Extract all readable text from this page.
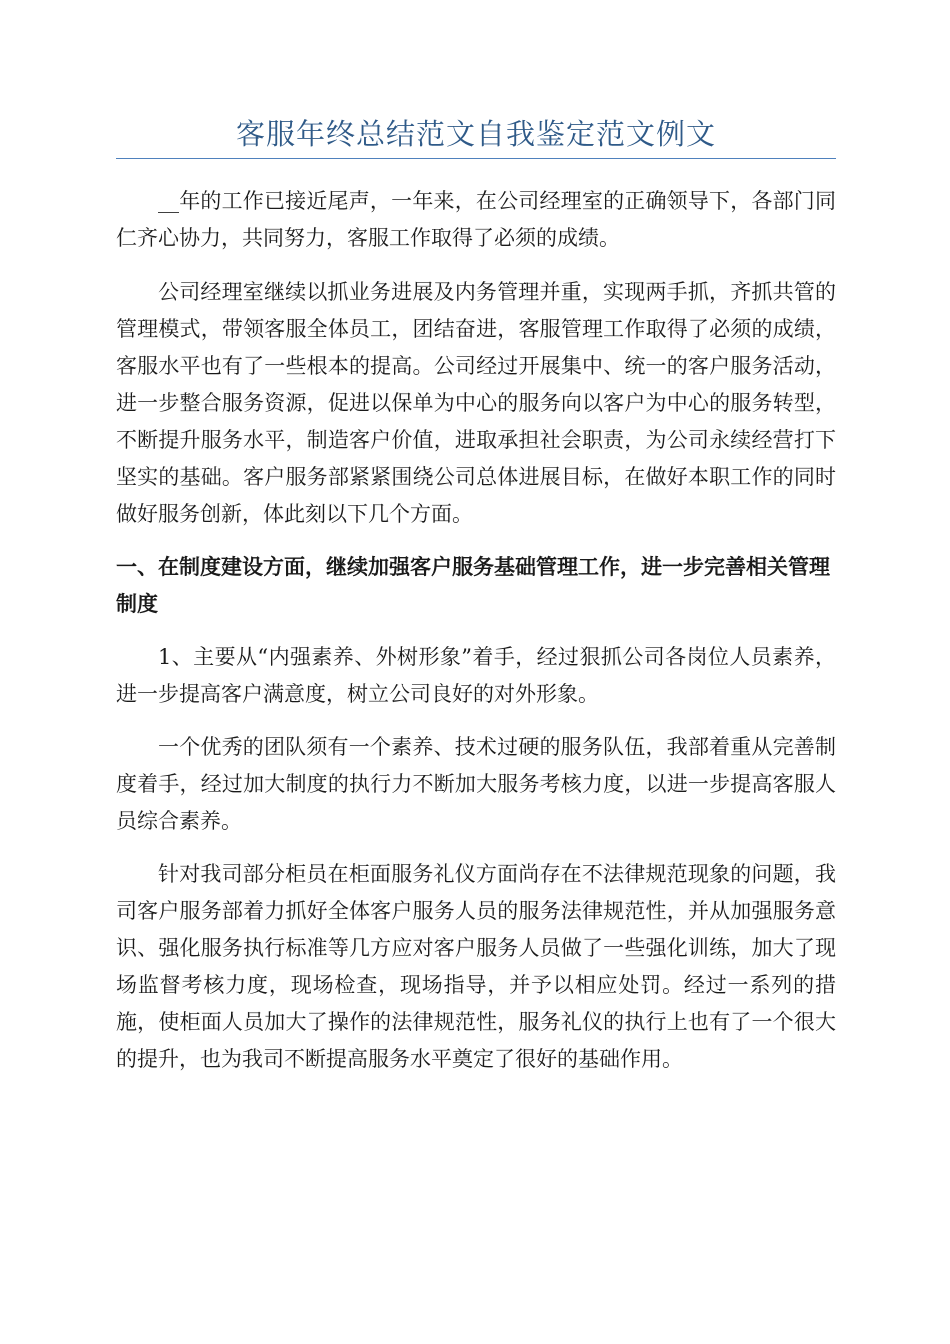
客服年终总结范文自我鉴定范文例文

__年的工作已接近尾声，一年来，在公司经理室的正确领导下，各部门同仁齐心协力，共同努力，客服工作取得了必须的成绩。

公司经理室继续以抓业务进展及内务管理并重，实现两手抓，齐抓共管的管理模式，带领客服全体员工，团结奋进，客服管理工作取得了必须的成绩，客服水平也有了一些根本的提高。公司经过开展集中、统一的客户服务活动，进一步整合服务资源，促进以保单为中心的服务向以客户为中心的服务转型，不断提升服务水平，制造客户价值，进取承担社会职责，为公司永续经营打下坚实的基础。客户服务部紧紧围绕公司总体进展目标，在做好本职工作的同时做好服务创新，体此刻以下几个方面。

一、在制度建设方面，继续加强客户服务基础管理工作，进一步完善相关管理制度

1、主要从“内强素养、外树形象”着手，经过狠抓公司各岗位人员素养，进一步提高客户满意度，树立公司良好的对外形象。

一个优秀的团队须有一个素养、技术过硬的服务队伍，我部着重从完善制度着手，经过加大制度的执行力不断加大服务考核力度，以进一步提高客服人员综合素养。

针对我司部分柜员在柜面服务礼仪方面尚存在不法律规范现象的问题，我司客户服务部着力抓好全体客户服务人员的服务法律规范性，并从加强服务意识、强化服务执行标准等几方应对客户服务人员做了一些强化训练，加大了现场监督考核力度，现场检查，现场指导，并予以相应处罚。经过一系列的措施，使柜面人员加大了操作的法律规范性，服务礼仪的执行上也有了一个很大的提升，也为我司不断提高服务水平奠定了很好的基础作用。
